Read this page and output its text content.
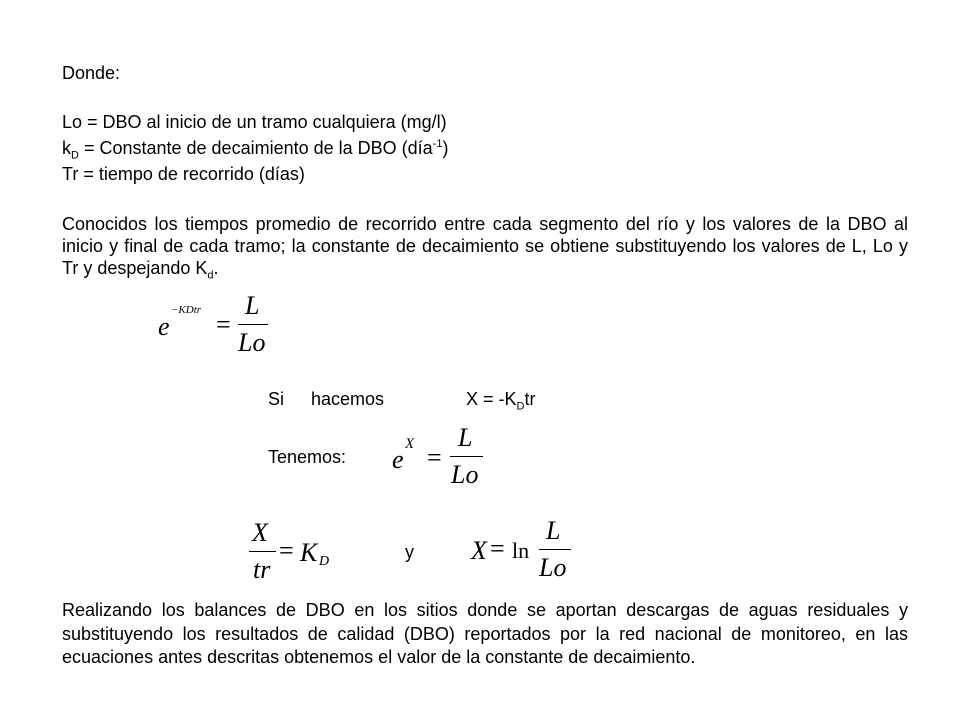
Donde:
Lo = DBO al inicio de un tramo cualquiera (mg/l)
$k_D$ = Constante de decaimiento de la DBO (día$^{-1}$)
Tr = tiempo de recorrido (días)
Conocidos los tiempos promedio de recorrido entre cada segmento del río y los valores de la DBO al inicio y final de cada tramo; la constante de decaimiento se obtiene substituyendo los valores de L, Lo y Tr y despejando $K_d$.
e
−KDtr =
L
Lo
Si hacemos	$X = -K_Dtr$
Tenemos: e
X =
L
Lo
X
tr
= K D	y X = ln
L
Lo
Realizando los balances de DBO en los sitios donde se aportan descargas de aguas residuales y substituyendo los resultados de calidad (DBO) reportados por la red nacional de monitoreo, en las ecuaciones antes descritas obtenemos el valor de la constante de decaimiento.
